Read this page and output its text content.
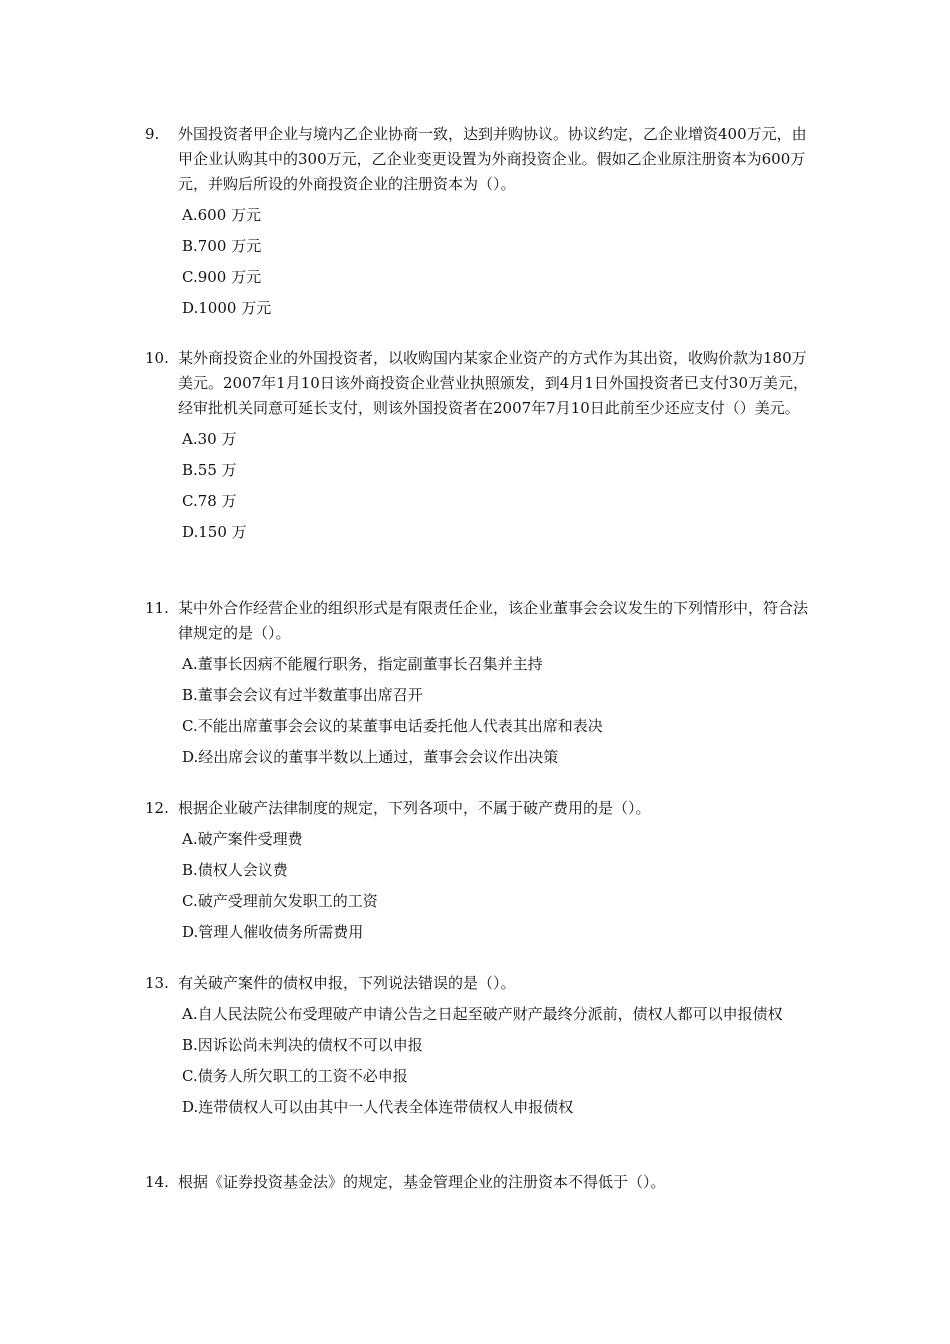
9.	外国投资者甲企业与境内乙企业协商一致，达到并购协议。协议约定，乙企业增资400万元，由甲企业认购其中的300万元，乙企业变更设置为外商投资企业。假如乙企业原注册资本为600万元，并购后所设的外商投资企业的注册资本为（）。

A.600 万元
B.700 万元
C.900 万元
D.1000 万元

10. 某外商投资企业的外国投资者，以收购国内某家企业资产的方式作为其出资，收购价款为180万美元。2007年1月10日该外商投资企业营业执照颁发，到4月1日外国投资者已支付30万美元，经审批机关同意可延长支付，则该外国投资者在2007年7月10日此前至少还应支付（）美元。

A.30 万
B.55 万
C.78 万
D.150 万

11. 某中外合作经营企业的组织形式是有限责任企业，该企业董事会会议发生的下列情形中，符合法律规定的是（）。

A.董事长因病不能履行职务，指定副董事长召集并主持
B.董事会会议有过半数董事出席召开
C.不能出席董事会会议的某董事电话委托他人代表其出席和表决
D.经出席会议的董事半数以上通过，董事会会议作出决策

12. 根据企业破产法律制度的规定，下列各项中，不属于破产费用的是（）。

A.破产案件受理费
B.债权人会议费
C.破产受理前欠发职工的工资
D.管理人催收债务所需费用

13. 有关破产案件的债权申报，下列说法错误的是（）。

A.自人民法院公布受理破产申请公告之日起至破产财产最终分派前，债权人都可以申报债权
B.因诉讼尚未判决的债权不可以申报
C.债务人所欠职工的工资不必申报
D.连带债权人可以由其中一人代表全体连带债权人申报债权

14. 根据《证券投资基金法》的规定，基金管理企业的注册资本不得低于（）。
